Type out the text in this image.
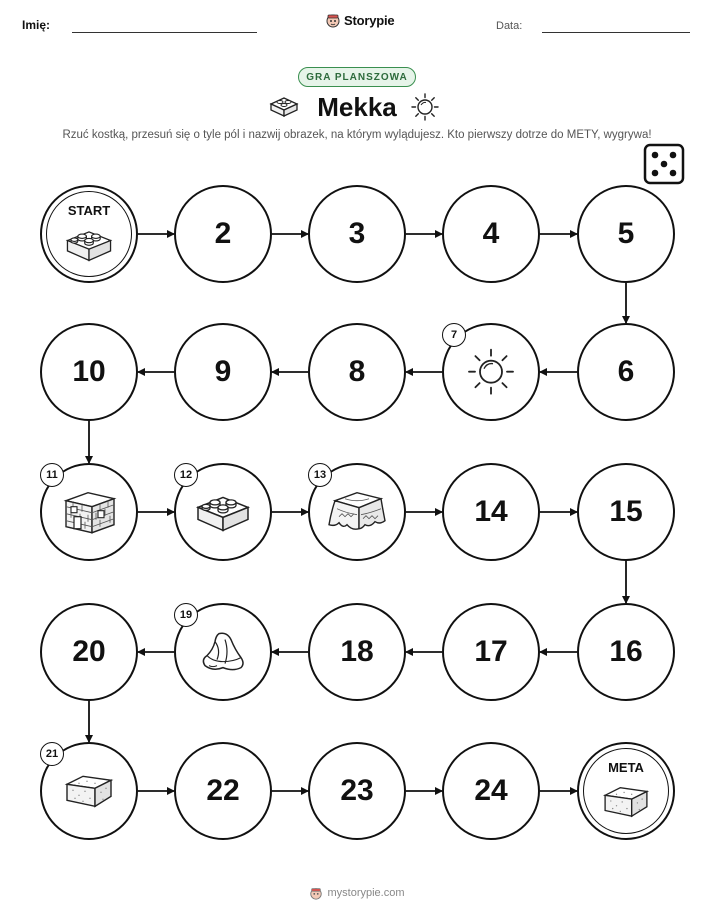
Imię:	Storypie	Data:
GRA PLANSZOWA
Mekka
Rzuć kostką, przesuń się o tyle pól i nazwij obrazek, na którym wylądujesz. Kto pierwszy dotrze do METY, wygrywa!
START
2	3	4	5
6
7
8
9
10
11	12	13
14	15
16
17
18
19
20
21
22	23	24
META
mystorypie.com
